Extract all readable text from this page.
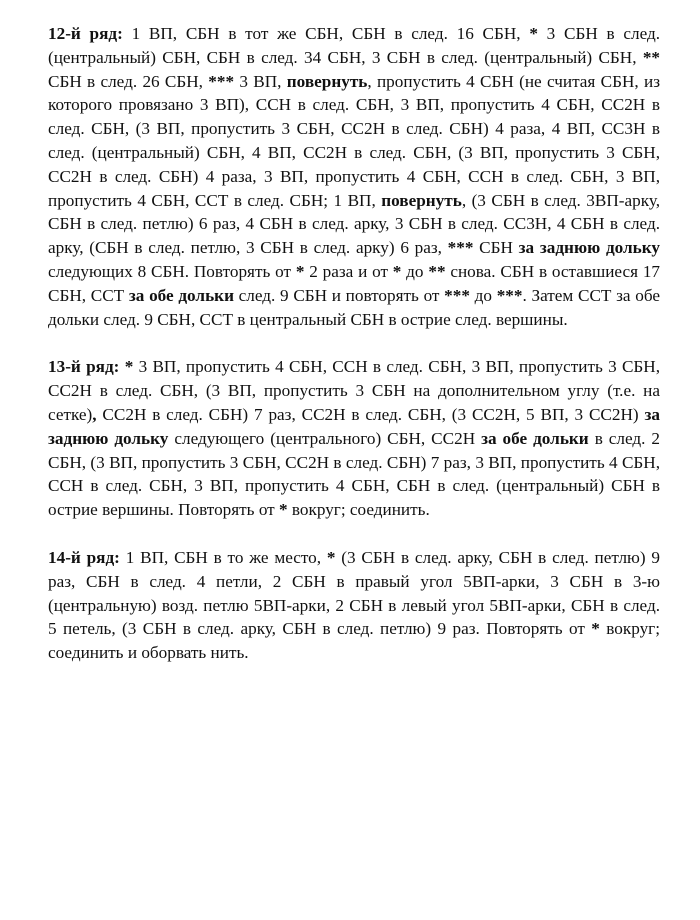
12-й ряд: 1 ВП, СБН в тот же СБН, СБН в след. 16 СБН, * 3 СБН в след. (центральный) СБН, СБН в след. 34 СБН, 3 СБН в след. (центральный) СБН, ** СБН в след. 26 СБН, *** 3 ВП, повернуть, пропустить 4 СБН (не считая СБН, из которого провязано 3 ВП), ССН в след. СБН, 3 ВП, пропустить 4 СБН, СС2Н в след. СБН, (3 ВП, пропустить 3 СБН, СС2Н в след. СБН) 4 раза, 4 ВП, СС3Н в след. (центральный) СБН, 4 ВП, СС2Н в след. СБН, (3 ВП, пропустить 3 СБН, СС2Н в след. СБН) 4 раза, 3 ВП, пропустить 4 СБН, ССН в след. СБН, 3 ВП, пропустить 4 СБН, ССТ в след. СБН; 1 ВП, повернуть, (3 СБН в след. 3ВП-арку, СБН в след. петлю) 6 раз, 4 СБН в след. арку, 3 СБН в след. СС3Н, 4 СБН в след. арку, (СБН в след. петлю, 3 СБН в след. арку) 6 раз, *** СБН за заднюю дольку следующих 8 СБН. Повторять от * 2 раза и от * до ** снова. СБН в оставшиеся 17 СБН, ССТ за обе дольки след. 9 СБН и повторять от *** до ***. Затем ССТ за обе дольки след. 9 СБН, ССТ в центральный СБН в острие след. вершины.

13-й ряд: * 3 ВП, пропустить 4 СБН, ССН в след. СБН, 3 ВП, пропустить 3 СБН, СС2Н в след. СБН, (3 ВП, пропустить 3 СБН на дополнительном углу (т.е. на сетке), СС2Н в след. СБН) 7 раз, СС2Н в след. СБН, (3 СС2Н, 5 ВП, 3 СС2Н) за заднюю дольку следующего (центрального) СБН, СС2Н за обе дольки в след. 2 СБН, (3 ВП, пропустить 3 СБН, СС2Н в след. СБН) 7 раз, 3 ВП, пропустить 4 СБН, ССН в след. СБН, 3 ВП, пропустить 4 СБН, СБН в след. (центральный) СБН в острие вершины. Повторять от * вокруг; соединить.

14-й ряд: 1 ВП, СБН в то же место, * (3 СБН в след. арку, СБН в след. петлю) 9 раз, СБН в след. 4 петли, 2 СБН в правый угол 5ВП-арки, 3 СБН в 3-ю (центральную) возд. петлю 5ВП-арки, 2 СБН в левый угол 5ВП-арки, СБН в след. 5 петель, (3 СБН в след. арку, СБН в след. петлю) 9 раз. Повторять от * вокруг; соединить и оборвать нить.
